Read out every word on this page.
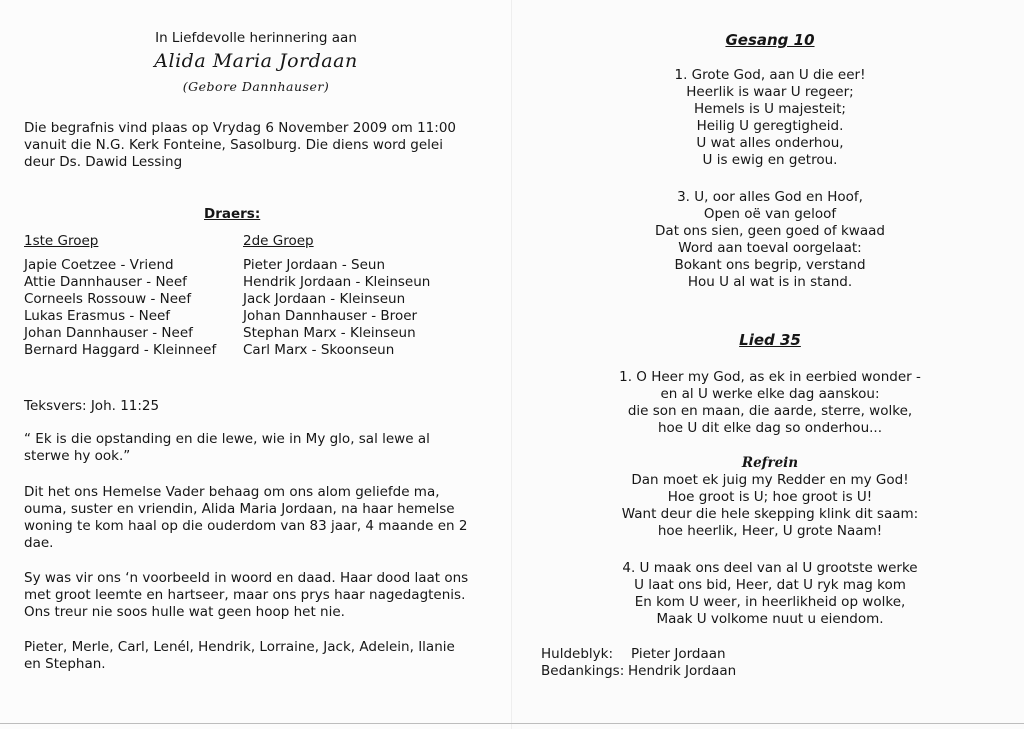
In Liefdevolle herinnering aan
Alida Maria Jordaan
(Gebore Dannhauser)
Die begrafnis vind plaas op Vrydag 6 November 2009 om 11:00
vanuit die N.G. Kerk Fonteine, Sasolburg. Die diens word gelei
deur Ds. Dawid Lessing
Draers:
1ste Groep
Japie Coetzee - Vriend
Attie Dannhauser - Neef
Corneels Rossouw - Neef
Lukas Erasmus - Neef
Johan Dannhauser - Neef
Bernard Haggard - Kleinneef
2de Groep
Pieter Jordaan - Seun
Hendrik Jordaan - Kleinseun
Jack Jordaan - Kleinseun
Johan Dannhauser - Broer
Stephan Marx - Kleinseun
Carl Marx - Skoonseun
Teksvers: Joh. 11:25
“ Ek is die opstanding en die lewe, wie in My glo, sal lewe al
sterwe hy ook.”
Dit het ons Hemelse Vader behaag om ons alom geliefde ma,
ouma, suster en vriendin, Alida Maria Jordaan, na haar hemelse
woning te kom haal op die ouderdom van 83 jaar, 4 maande en 2
dae.
Sy was vir ons ‘n voorbeeld in woord en daad. Haar dood laat ons
met groot leemte en hartseer, maar ons prys haar nagedagtenis.
Ons treur nie soos hulle wat geen hoop het nie.
Pieter, Merle, Carl, Lenél, Hendrik, Lorraine, Jack, Adelein, Ilanie
en Stephan.
Gesang 10
1. Grote God, aan U die eer!
Heerlik is waar U regeer;
Hemels is U majesteit;
Heilig U geregtigheid.
U wat alles onderhou,
U is ewig en getrou.
3. U, oor alles God en Hoof,
Open oë van geloof
Dat ons sien, geen goed of kwaad
Word aan toeval oorgelaat:
Bokant ons begrip, verstand
Hou U al wat is in stand.
Lied 35
1. O Heer my God, as ek in eerbied wonder -
en al U werke elke dag aanskou:
die son en maan, die aarde, sterre, wolke,
hoe U dit elke dag so onderhou...
Refrein
Dan moet ek juig my Redder en my God!
Hoe groot is U; hoe groot is U!
Want deur die hele skepping klink dit saam:
hoe heerlik, Heer, U grote Naam!
4. U maak ons deel van al U grootste werke
U laat ons bid, Heer, dat U ryk mag kom
En kom U weer, in heerlikheid op wolke,
Maak U volkome nuut u eiendom.
Huldeblyk: Pieter Jordaan
Bedankings: Hendrik Jordaan
